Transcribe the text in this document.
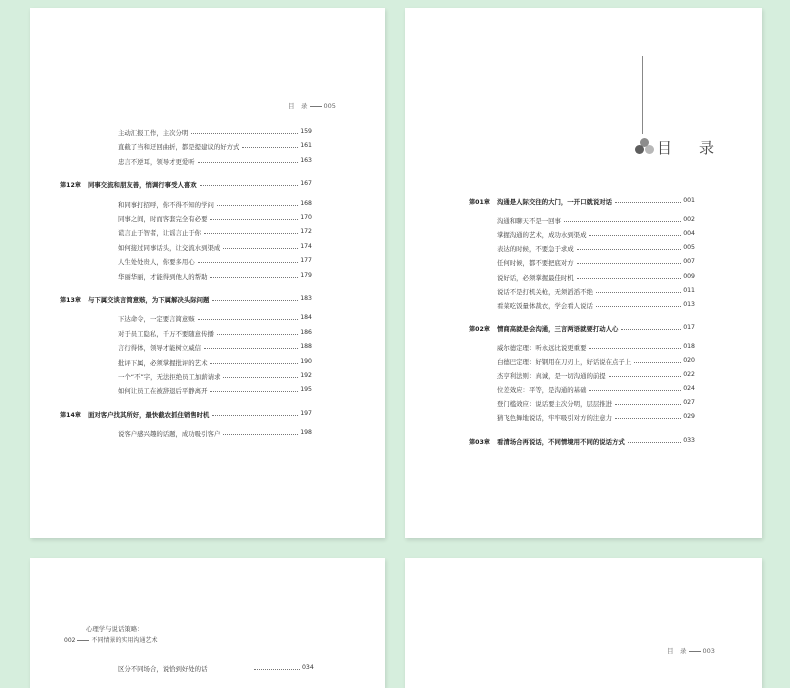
目　录 005
主动汇报工作，主次分明	159
直截了当和迂回曲折，都是提建议的好方式	161
忠言不逆耳，领导才更爱听	163
第12章 同事交流和朋友善，悄调行事受人喜欢	167
和同事打招呼，你不得不知的学问	168
同事之间，时而客套完全有必要	170
谎言止于智者，让谣言止于你	172
如何接过同事话头，让交流水到渠成	174
人生处处贵人，你要多用心	177
华丽华丽，才能得到他人的帮助	179
第13章 与下属交谈言简意赅，为下属解决头际问题	183
下达命令，一定要言简意赅	184
对于员工隐私，千万不要随意传播	186
言行得体，领导才能树立威信	188
批评下属，必须掌握批评的艺术	190
一个“不”字，无法拒绝员工加薪请求	192
如何让员工在被辞退后平静离开	195
第14章 面对客户找其所好，最快截农抓住销售时机	197
说客户感兴趣的话题，成功吸引客户	198
目　录
第01章 沟通是人际交往的大门，一开口就说对话	001
沟通和聊天不是一回事	002
掌握沟通的艺术，成功水到渠成	004
表达的时候，不要急于求成	005
任何时候，都不要把底对方	007
说好话，必须掌握最佳时机	009
说话不是打机关枪，无须滔滔不绝	011
看菜吃饭量体裁衣，学会看人说话	013
第02章 情商高就是会沟通，三言两语就要打动人心	017
威尔德定理：听永远比说更重要	018
白德巴定理：好钢用在刀刃上，好话说在点子上	020
杰亨利法则：真诚，是一切沟通的前提	022
位差效应：平等，是沟通的基础	024
登门槛效应：说话要主次分明，层层推进	027
猜飞色舞地说话，牢牢吸引对方的注意力	029
第03章 看清场合再说话，不同情境用不同的说话方式	033
心理学与说话策略：
002	不同情景的实用沟通艺术
区分不同场合，说恰到好处的话	034
目　录 003
